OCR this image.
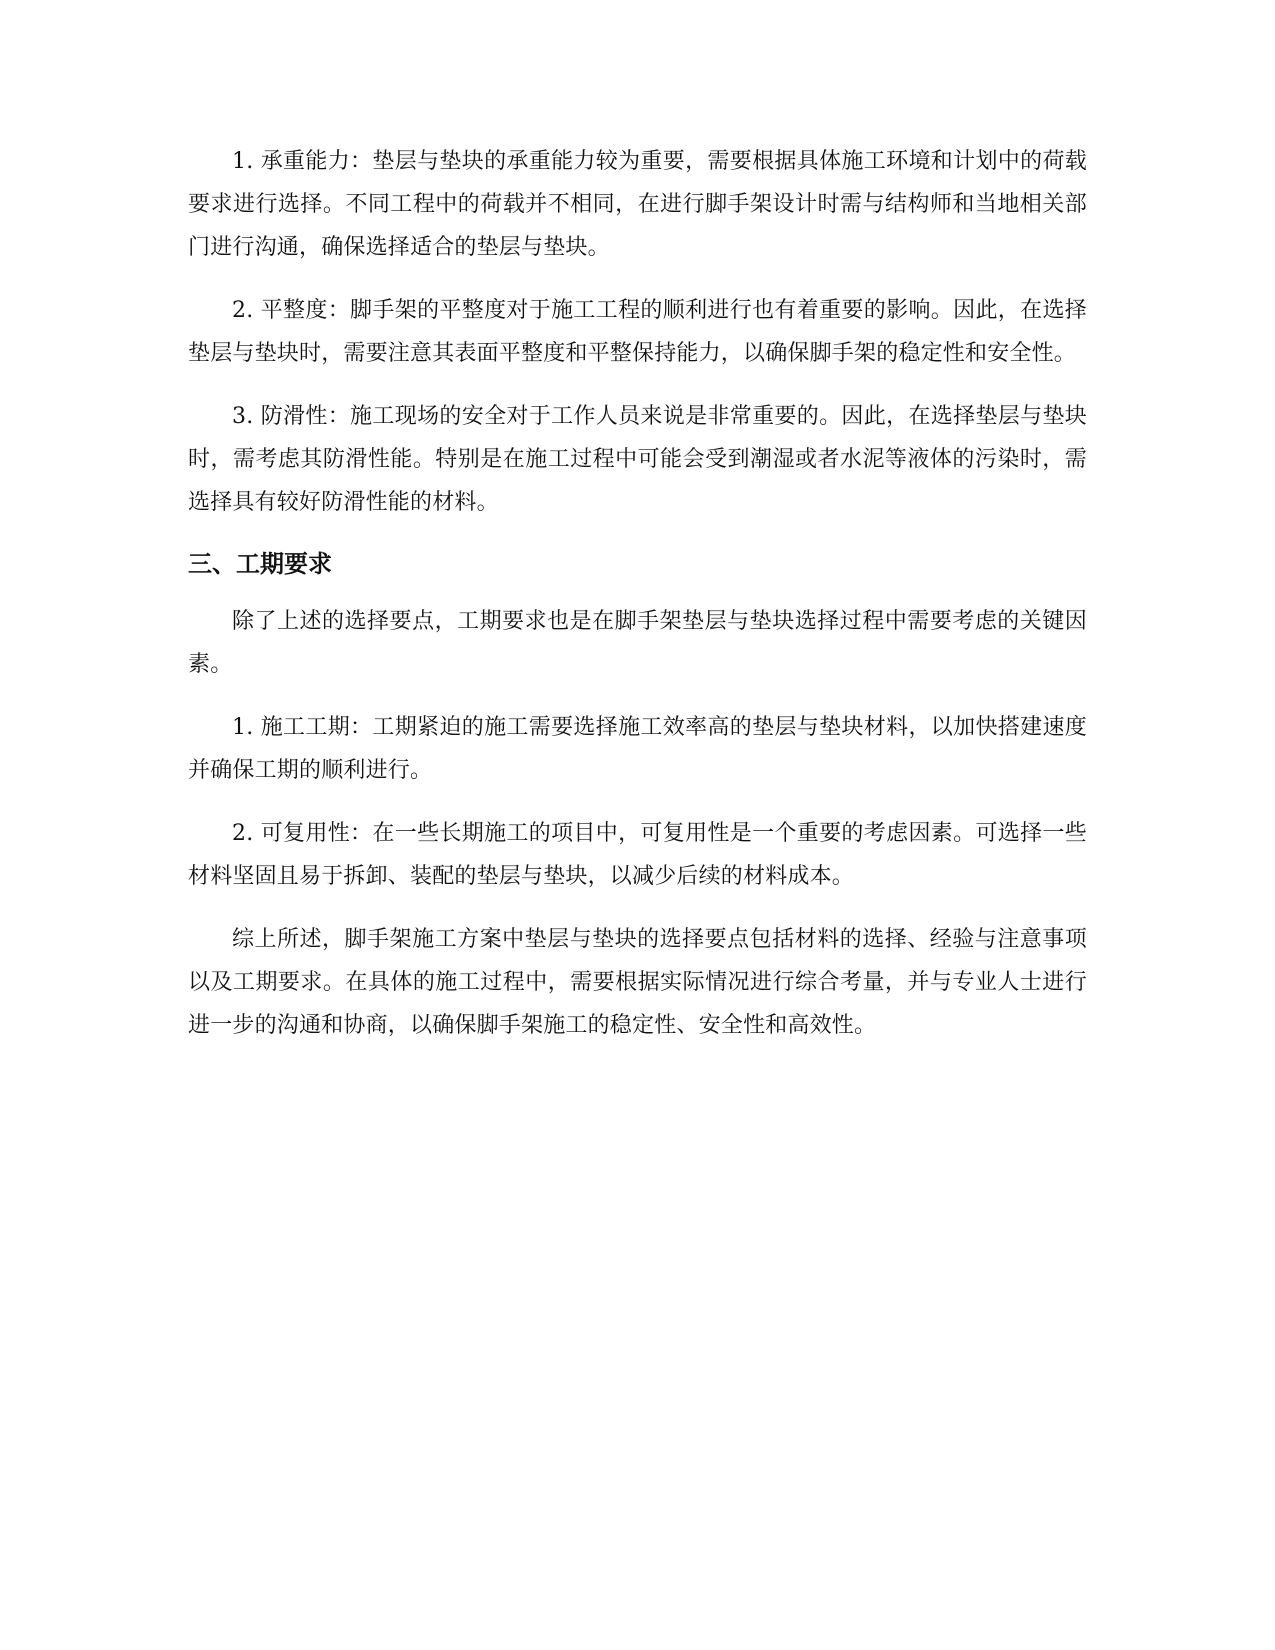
1. 承重能力：垫层与垫块的承重能力较为重要，需要根据具体施工环境和计划中的荷载要求进行选择。不同工程中的荷载并不相同，在进行脚手架设计时需与结构师和当地相关部门进行沟通，确保选择适合的垫层与垫块。

2. 平整度：脚手架的平整度对于施工工程的顺利进行也有着重要的影响。因此，在选择垫层与垫块时，需要注意其表面平整度和平整保持能力，以确保脚手架的稳定性和安全性。

3. 防滑性：施工现场的安全对于工作人员来说是非常重要的。因此，在选择垫层与垫块时，需考虑其防滑性能。特别是在施工过程中可能会受到潮湿或者水泥等液体的污染时，需选择具有较好防滑性能的材料。

三、工期要求

除了上述的选择要点，工期要求也是在脚手架垫层与垫块选择过程中需要考虑的关键因素。

1. 施工工期：工期紧迫的施工需要选择施工效率高的垫层与垫块材料，以加快搭建速度并确保工期的顺利进行。

2. 可复用性：在一些长期施工的项目中，可复用性是一个重要的考虑因素。可选择一些材料坚固且易于拆卸、装配的垫层与垫块，以减少后续的材料成本。

综上所述，脚手架施工方案中垫层与垫块的选择要点包括材料的选择、经验与注意事项以及工期要求。在具体的施工过程中，需要根据实际情况进行综合考量，并与专业人士进行进一步的沟通和协商，以确保脚手架施工的稳定性、安全性和高效性。
